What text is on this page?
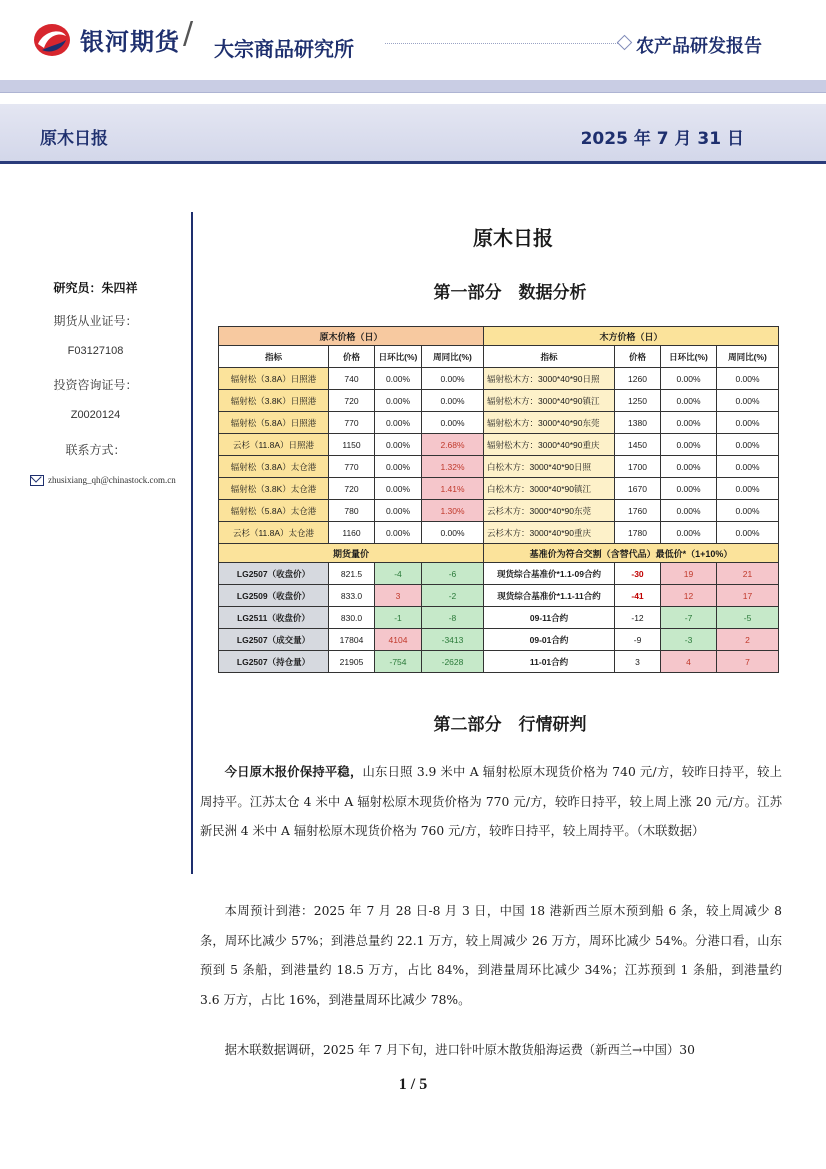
银河期货 / 大宗商品研究所	农产品研发报告
原木日报	2025 年 7 月 31 日
研究员：朱四祥
期货从业证号：
F03127108
投资咨询证号：
Z0020124
联系方式：
zhusixiang_qh@chinastock.com.cn
原木日报
第一部分　数据分析
原木价格（日）				木方价格（日）			
指标	价格	日环比(%)	周同比(%)	指标	价格	日环比(%)	周同比(%)
辐射松（3.8A）日照港	740	0.00%	0.00%	辐射松木方：3000*40*90日照	1260	0.00%	0.00%
辐射松（3.8K）日照港	720	0.00%	0.00%	辐射松木方：3000*40*90镇江	1250	0.00%	0.00%
辐射松（5.8A）日照港	770	0.00%	0.00%	辐射松木方：3000*40*90东莞	1380	0.00%	0.00%
云杉（11.8A）日照港	1150	0.00%	2.68%	辐射松木方：3000*40*90重庆	1450	0.00%	0.00%
辐射松（3.8A）太仓港	770	0.00%	1.32%	白松木方：3000*40*90日照	1700	0.00%	0.00%
辐射松（3.8K）太仓港	720	0.00%	1.41%	白松木方：3000*40*90镇江	1670	0.00%	0.00%
辐射松（5.8A）太仓港	780	0.00%	1.30%	云杉木方：3000*40*90东莞	1760	0.00%	0.00%
云杉（11.8A）太仓港	1160	0.00%	0.00%	云杉木方：3000*40*90重庆	1780	0.00%	0.00%
期货量价				基准价为符合交割（含替代品）最低价*（1+10%）			
LG2507（收盘价）	821.5	-4	-6	现货综合基准价*1.1-09合约	-30	19	21
LG2509（收盘价）	833.0	3	-2	现货综合基准价*1.1-11合约	-41	12	17
LG2511（收盘价）	830.0	-1	-8	09-11合约	-12	-7	-5
LG2507（成交量）	17804	4104	-3413	09-01合约	-9	-3	2
LG2507（持仓量）	21905	-754	-2628	11-01合约	3	4	7
第二部分　行情研判
今日原木报价保持平稳，山东日照 3.9 米中 A 辐射松原木现货价格为 740 元/方，较昨日持平，较上周持平。江苏太仓 4 米中 A 辐射松原木现货价格为 770 元/方，较昨日持平，较上周上涨 20 元/方。江苏新民洲 4 米中 A 辐射松原木现货价格为 760 元/方，较昨日持平，较上周持平。（木联数据）
本周预计到港：2025 年 7 月 28 日-8 月 3 日，中国 18 港新西兰原木预到船 6 条，较上周减少 8 条，周环比减少 57%；到港总量约 22.1 万方，较上周减少 26 万方，周环比减少 54%。分港口看，山东预到 5 条船，到港量约 18.5 万方，占比 84%，到港量周环比减少 34%；江苏预到 1 条船，到港量约 3.6 万方，占比 16%，到港量周环比减少 78%。
据木联数据调研，2025 年 7 月下旬，进口针叶原木散货船海运费（新西兰→中国）30
1 / 5
